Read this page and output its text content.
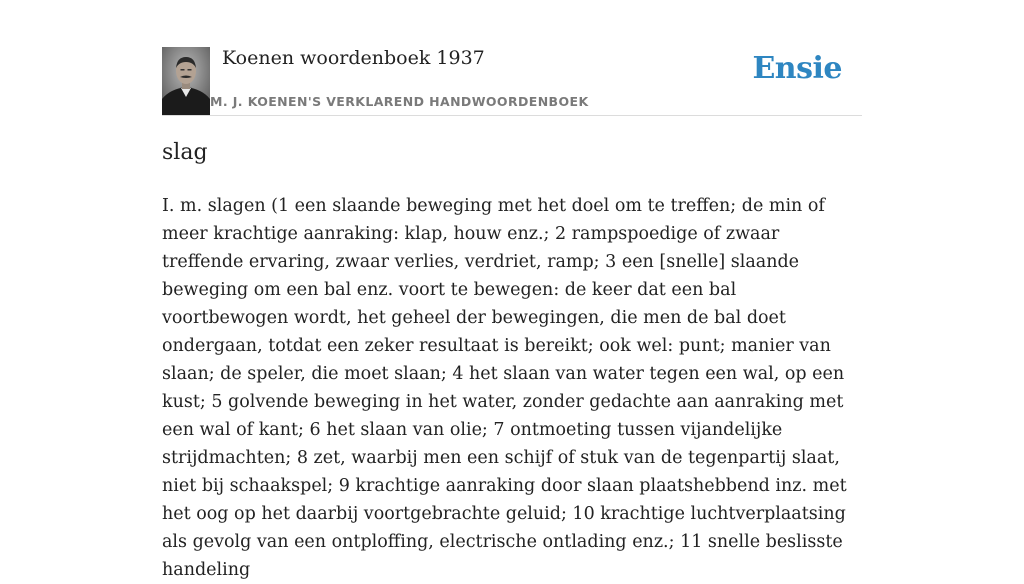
Koenen woordenboek 1937
M. J. KOENEN'S VERKLAREND HANDWOORDENBOEK
Ensie
slag

I. m. slagen (1 een slaande beweging met het doel om te treffen; de min of meer krachtige aanraking: klap, houw enz.; 2 rampspoedige of zwaar treffende ervaring, zwaar verlies, verdriet, ramp; 3 een [snelle] slaande beweging om een bal enz. voort te bewegen: de keer dat een bal voortbewogen wordt, het geheel der bewegingen, die men de bal doet ondergaan, totdat een zeker resultaat is bereikt; ook wel: punt; manier van slaan; de speler, die moet slaan; 4 het slaan van water tegen een wal, op een kust; 5 golvende beweging in het water, zonder gedachte aan aanraking met een wal of kant; 6 het slaan van olie; 7 ontmoeting tussen vijandelijke strijdmachten; 8 zet, waarbij men een schijf of stuk van de tegenpartij slaat, niet bij schaakspel; 9 krachtige aanraking door slaan plaatshebbend inz. met het oog op het daarbij voortgebrachte geluid; 10 krachtige luchtverplaatsing als gevolg van een ontploffing, electrische ontlading enz.; 11 snelle beslisste handeling
